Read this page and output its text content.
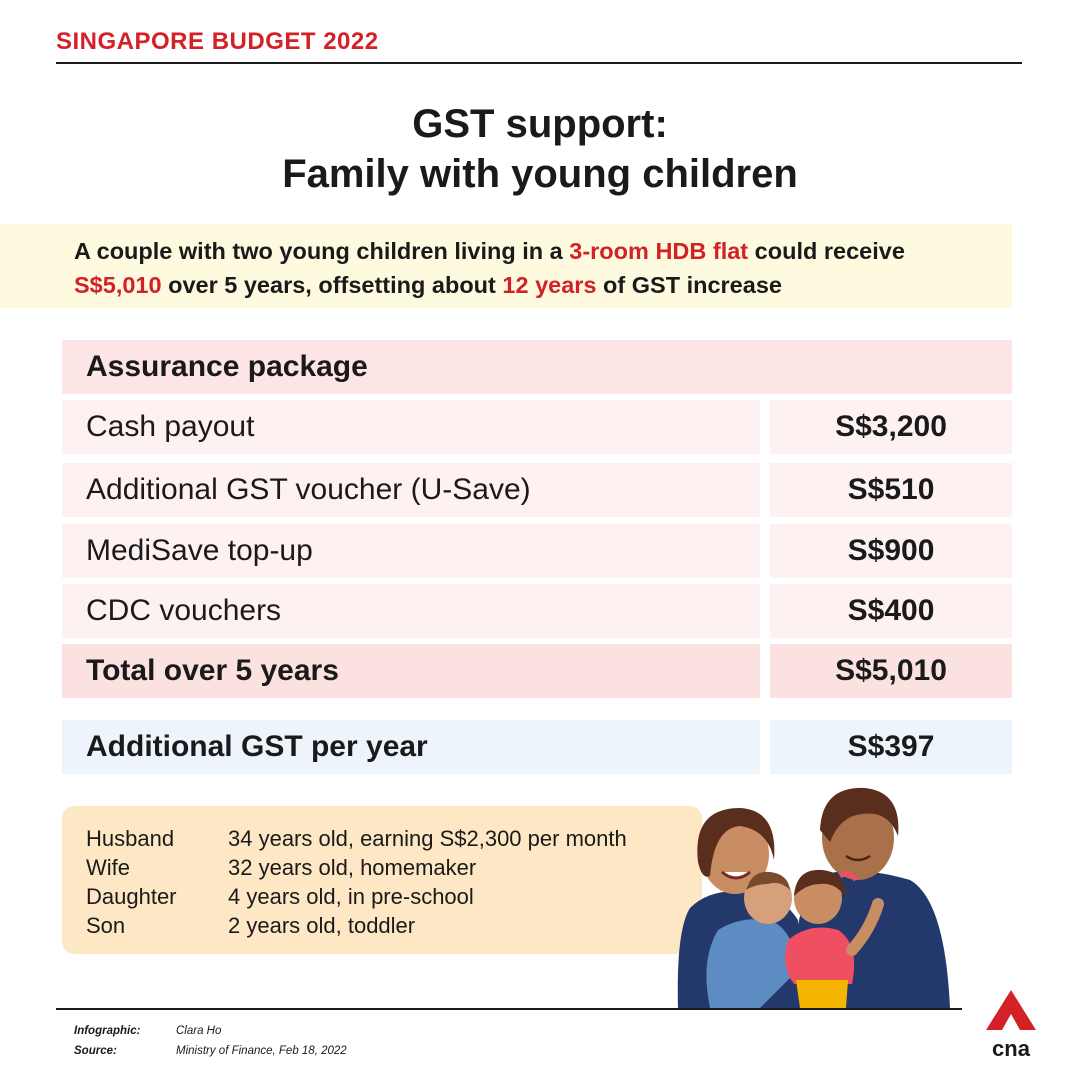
SINGAPORE BUDGET 2022
GST support:
Family with young children

A couple with two young children living in a 3-room HDB flat could receive
S$5,010 over 5 years, offsetting about 12 years of GST increase

Assurance package
Cash payout	S$3,200
Additional GST voucher (U-Save)	S$510
MediSave top-up	S$900
CDC vouchers	S$400
Total over 5 years	S$5,010
Additional GST per year	S$397
Husband	34 years old, earning S$2,300 per month
Wife	32 years old, homemaker
Daughter	4 years old, in pre-school
Son	2 years old, toddler
Infographic:	Clara Ho
Source:	Ministry of Finance, Feb 18, 2022	cna
